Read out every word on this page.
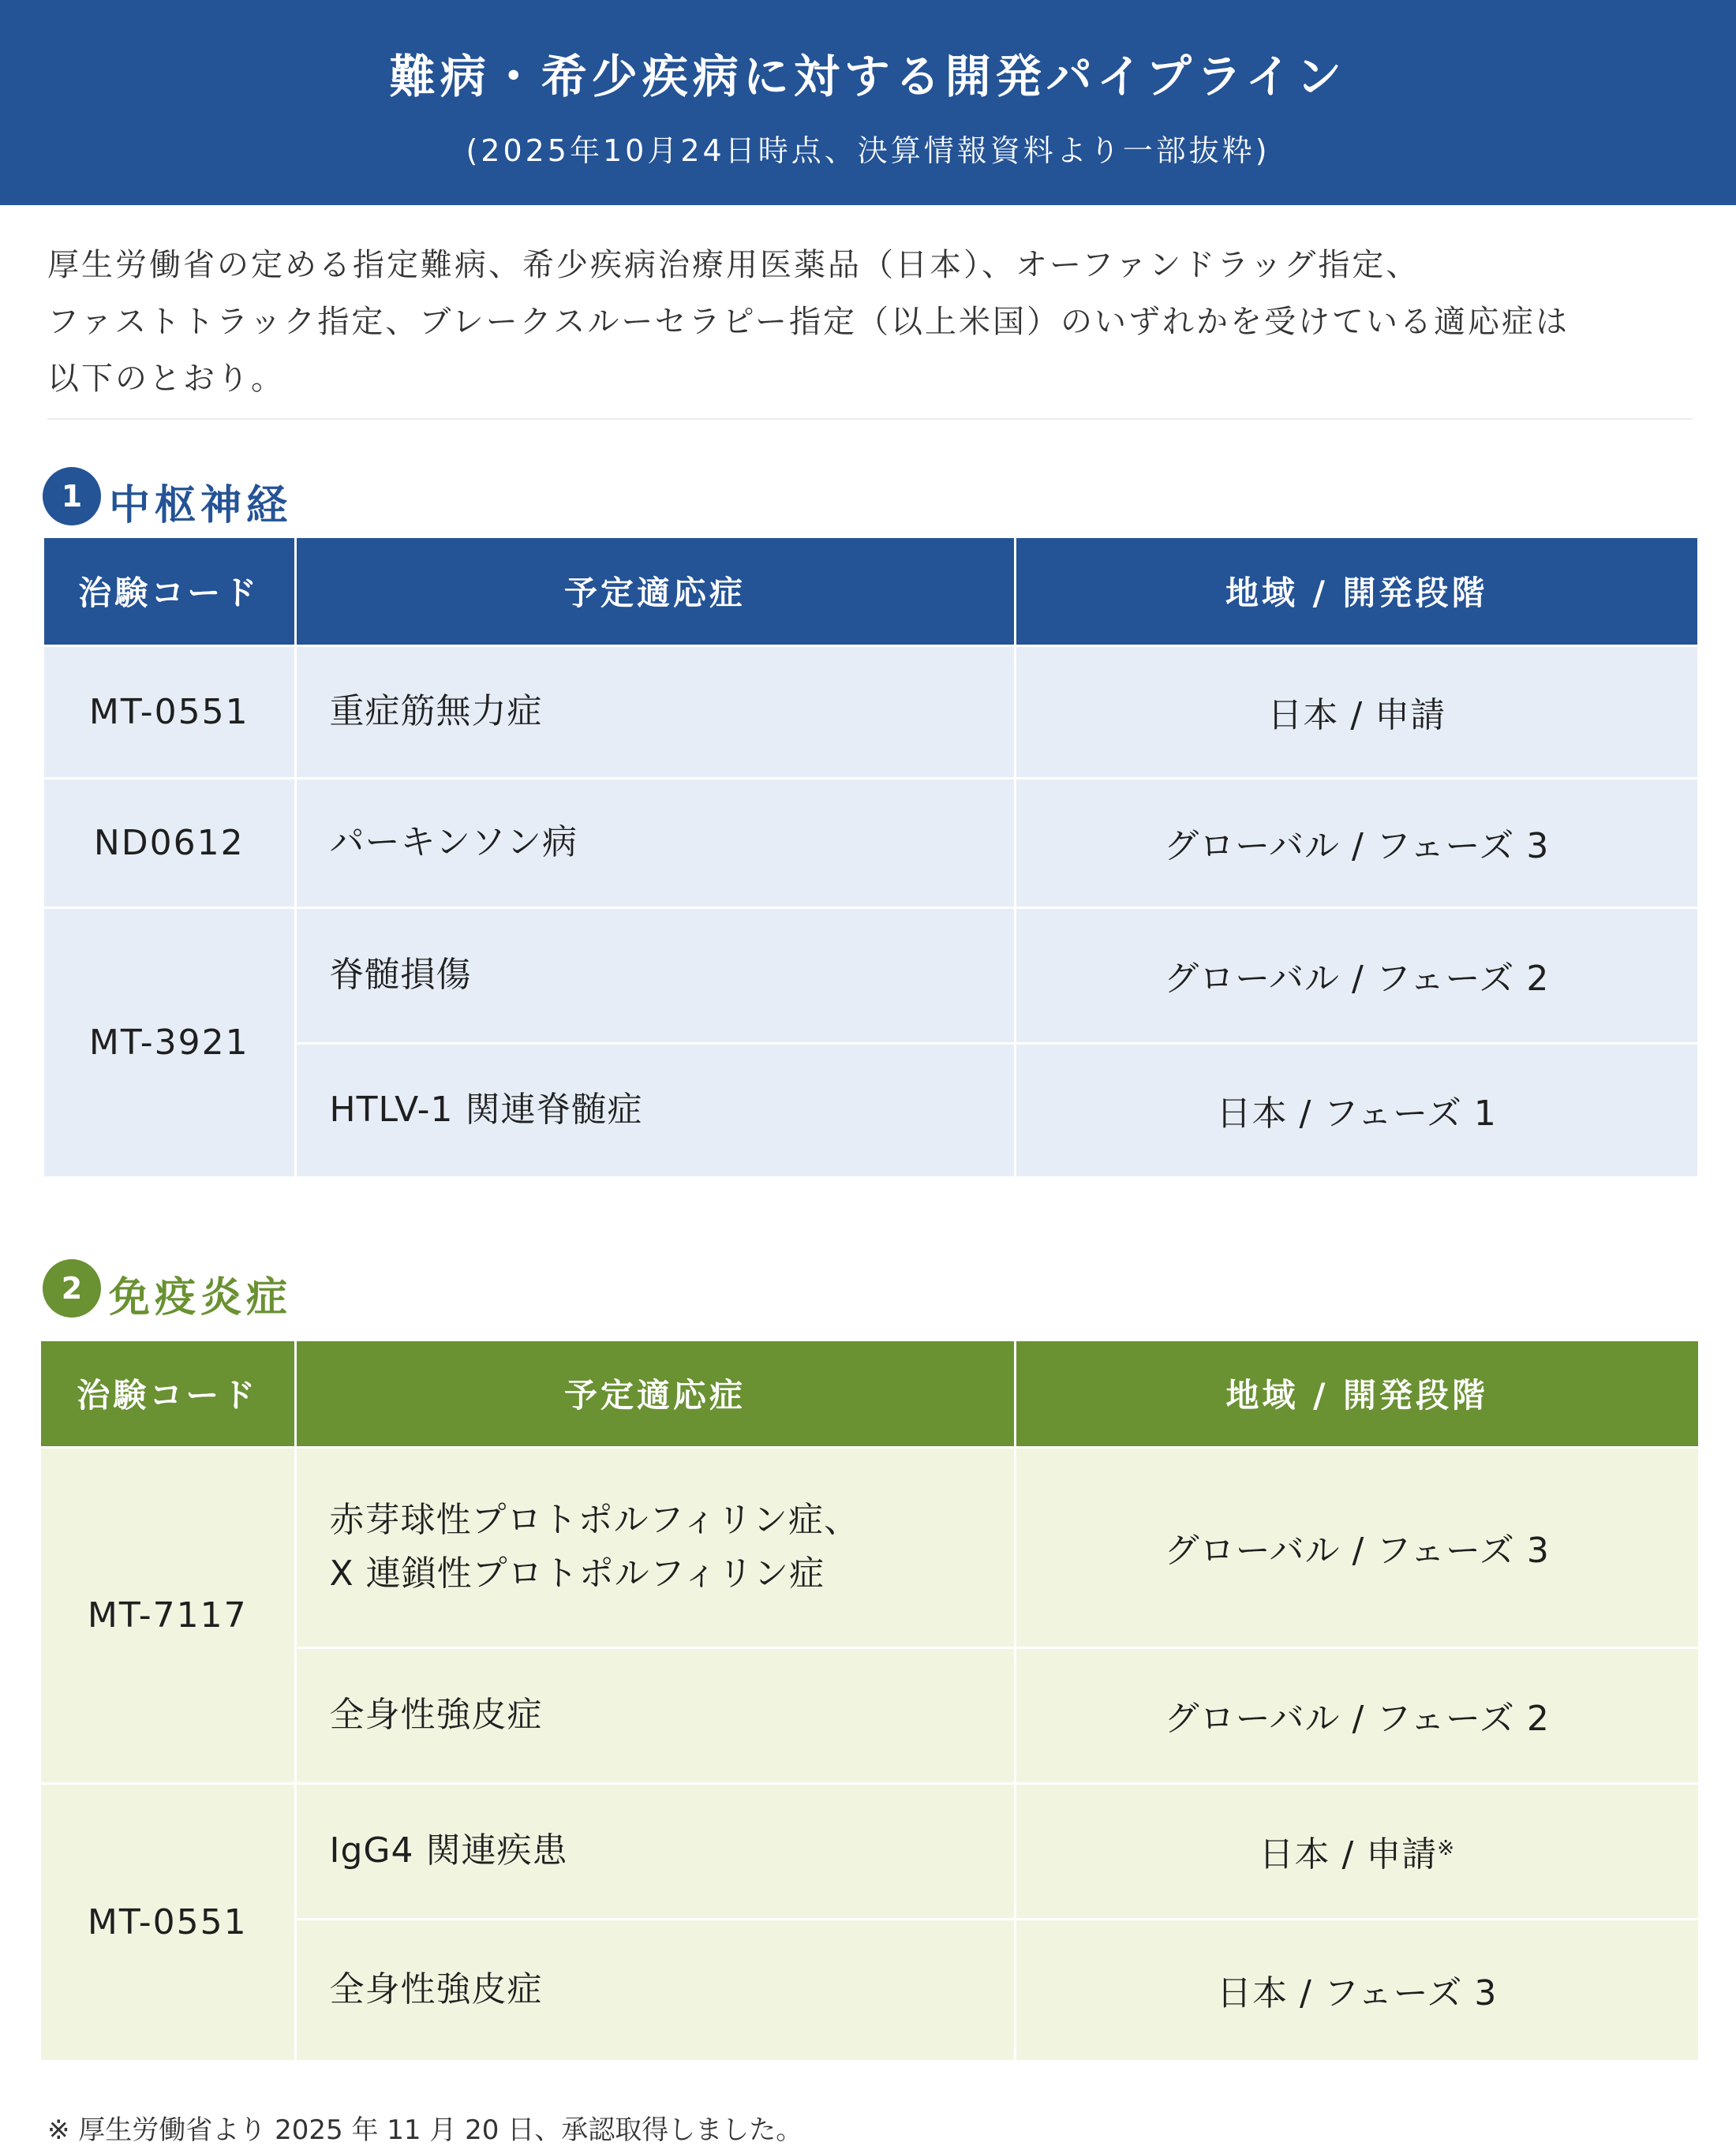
難病・希少疾病に対する開発パイプライン
(2025年10月24日時点、決算情報資料より一部抜粋)
厚生労働省の定める指定難病、希少疾病治療用医薬品（日本）、オーファンドラッグ指定、
ファストトラック指定、ブレークスルーセラピー指定（以上米国）のいずれかを受けている適応症は
以下のとおり。
1 中枢神経
治験コード	予定適応症	地域 / 開発段階
MT-0551	重症筋無力症	日本 / 申請
ND0612	パーキンソン病	グローバル / フェーズ 3
MT-3921	脊髄損傷	グローバル / フェーズ 2
	HTLV-1 関連脊髄症	日本 / フェーズ 1
2 免疫炎症
治験コード	予定適応症	地域 / 開発段階
MT-7117	赤芽球性プロトポルフィリン症、
X 連鎖性プロトポルフィリン症	グローバル / フェーズ 3
	全身性強皮症	グローバル / フェーズ 2
MT-0551	IgG4 関連疾患	日本 / 申請※
	全身性強皮症	日本 / フェーズ 3
※ 厚生労働省より 2025 年 11 月 20 日、承認取得しました。
